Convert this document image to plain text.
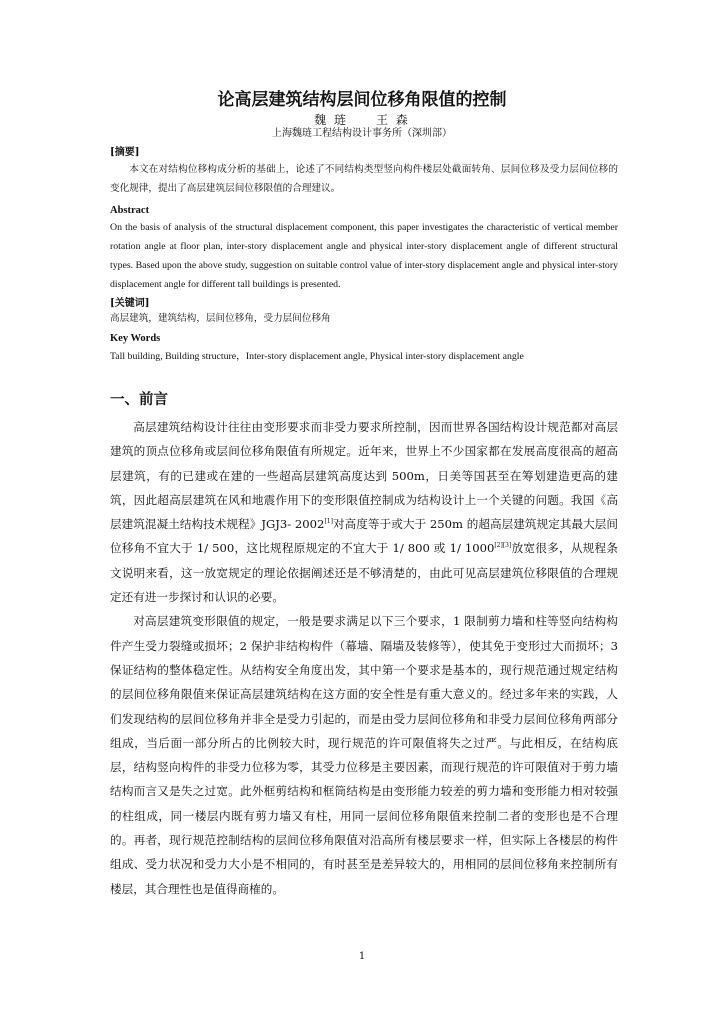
论高层建筑结构层间位移角限值的控制
魏 琏　　王 森
上海魏琏工程结构设计事务所（深圳部）
[摘要]
本文在对结构位移构成分析的基础上，论述了不同结构类型竖向构件楼层处截面转角、层间位移及受力层间位移的变化规律，提出了高层建筑层间位移限值的合理建议。
Abstract

On the basis of analysis of the structural displacement component, this paper investigates the characteristic of vertical member rotation angle at floor plan, inter-story displacement angle and physical inter-story displacement angle of different structural types. Based upon the above study, suggestion on suitable control value of inter-story displacement angle and physical inter-story displacement angle for different tall buildings is presented.

[关键词]
高层建筑，建筑结构，层间位移角，受力层间位移角
Key Words
Tall building, Building structure，Inter-story displacement angle, Physical inter-story displacement angle
一、前言

高层建筑结构设计往往由变形要求而非受力要求所控制，因而世界各国结构设计规范都对高层建筑的顶点位移角或层间位移角限值有所规定。近年来，世界上不少国家都在发展高度很高的超高层建筑，有的已建或在建的一些超高层建筑高度达到 500m，日美等国甚至在筹划建造更高的建筑，因此超高层建筑在风和地震作用下的变形限值控制成为结构设计上一个关键的问题。我国《高层建筑混凝土结构技术规程》JGJ3- 2002[1]对高度等于或大于 250m 的超高层建筑规定其最大层间位移角不宜大于 1/ 500，这比规程原规定的不宜大于 1/ 800 或 1/ 1000[2][3]放宽很多，从规程条文说明来看，这一放宽规定的理论依据阐述还是不够清楚的，由此可见高层建筑位移限值的合理规定还有进一步探讨和认识的必要。

对高层建筑变形限值的规定，一般是要求满足以下三个要求，1 限制剪力墙和柱等竖向结构构件产生受力裂缝或损坏；2 保护非结构构件（幕墙、隔墙及装修等），使其免于变形过大而损坏；3 保证结构的整体稳定性。从结构安全角度出发，其中第一个要求是基本的，现行规范通过规定结构的层间位移角限值来保证高层建筑结构在这方面的安全性是有重大意义的。经过多年来的实践，人们发现结构的层间位移角并非全是受力引起的，而是由受力层间位移角和非受力层间位移角两部分组成，当后面一部分所占的比例较大时，现行规范的许可限值将失之过严。与此相反，在结构底层，结构竖向构件的非受力位移为零，其受力位移是主要因素，而现行规范的许可限值对于剪力墙结构而言又是失之过宽。此外框剪结构和框筒结构是由变形能力较差的剪力墙和变形能力相对较强的柱组成，同一楼层内既有剪力墙又有柱，用同一层间位移角限值来控制二者的变形也是不合理的。再者，现行规范控制结构的层间位移角限值对沿高所有楼层要求一样，但实际上各楼层的构件组成、受力状况和受力大小是不相同的，有时甚至是差异较大的，用相同的层间位移角来控制所有楼层，其合理性也是值得商榷的。

1
